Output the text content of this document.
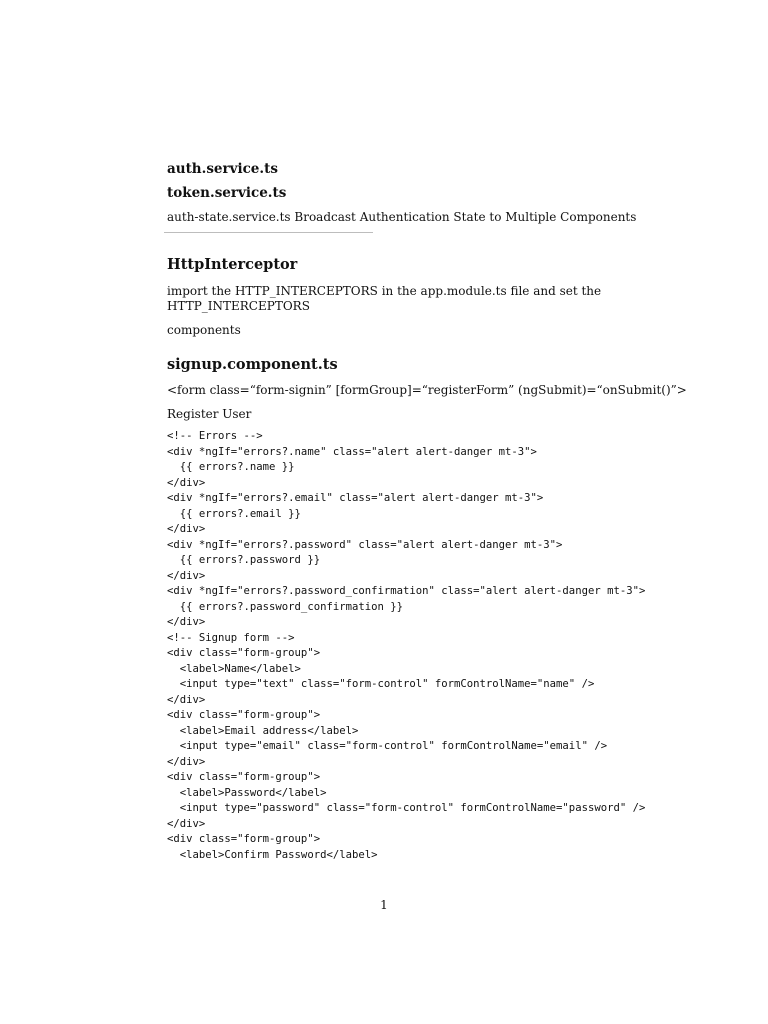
auth.service.ts
token.service.ts

auth-state.service.ts Broadcast Authentication State to Multiple Components

HttpInterceptor

import the HTTP_INTERCEPTORS in the app.module.ts file and set the

HTTP_INTERCEPTORS

components

signup.component.ts

<form class=“form-signin” [formGroup]=“registerForm” (ngSubmit)=“onSubmit()”>

Register User

<!-- Errors -->
<div *ngIf="errors?.name" class="alert alert-danger mt-3">
{{ errors?.name }}
</div>
<div *ngIf="errors?.email" class="alert alert-danger mt-3">
{{ errors?.email }}
</div>
<div *ngIf="errors?.password" class="alert alert-danger mt-3">
{{ errors?.password }}
</div>
<div *ngIf="errors?.password_confirmation" class="alert alert-danger mt-3">
{{ errors?.password_confirmation }}
</div>
<!-- Signup form -->
<div class="form-group">
<label>Name</label>
<input type="text" class="form-control" formControlName="name" />
</div>
<div class="form-group">
<label>Email address</label>
<input type="email" class="form-control" formControlName="email" />
</div>
<div class="form-group">
<label>Password</label>
<input type="password" class="form-control" formControlName="password" />
</div>
<div class="form-group">
<label>Confirm Password</label>
1
